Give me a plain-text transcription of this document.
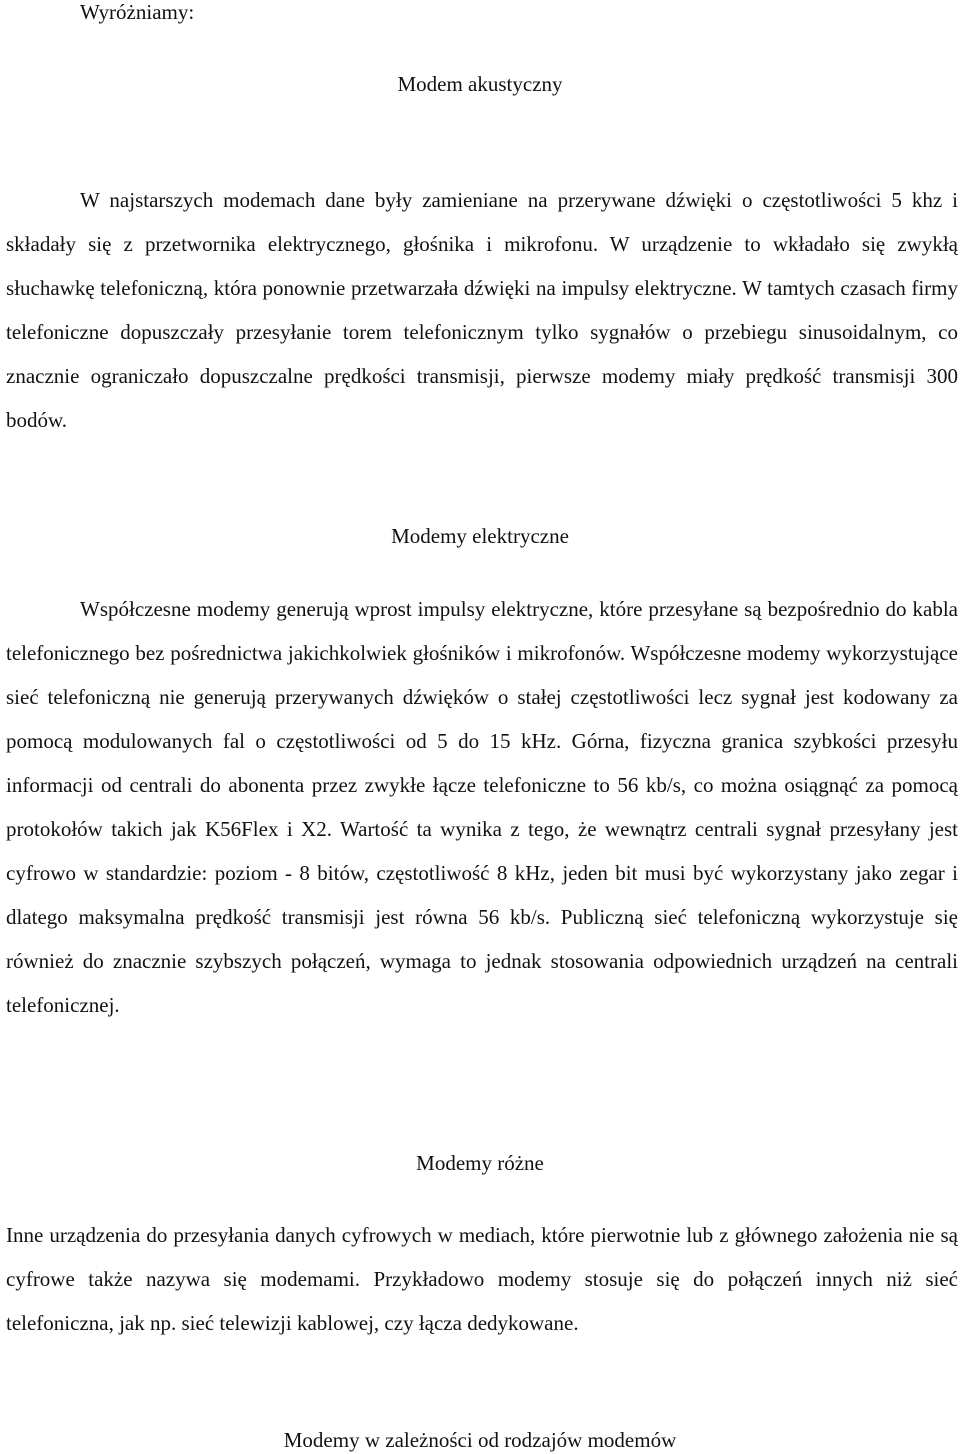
Wyróżniamy:

Modem akustyczny

W najstarszych modemach dane były zamieniane na przerywane dźwięki o częstotliwości 5 khz i składały się z przetwornika elektrycznego, głośnika i mikrofonu. W urządzenie to wkładało się zwykłą słuchawkę telefoniczną, która ponownie przetwarzała dźwięki na impulsy elektryczne. W tamtych czasach firmy telefoniczne dopuszczały przesyłanie torem telefonicznym tylko sygnałów o przebiegu sinusoidalnym, co znacznie ograniczało dopuszczalne prędkości transmisji, pierwsze modemy miały prędkość transmisji 300 bodów.

Modemy elektryczne

Współczesne modemy generują wprost impulsy elektryczne, które przesyłane są bezpośrednio do kabla telefonicznego bez pośrednictwa jakichkolwiek głośników i mikrofonów. Współczesne modemy wykorzystujące sieć telefoniczną nie generują przerywanych dźwięków o stałej częstotliwości lecz sygnał jest kodowany za pomocą modulowanych fal o częstotliwości od 5 do 15 kHz. Górna, fizyczna granica szybkości przesyłu informacji od centrali do abonenta przez zwykłe łącze telefoniczne to 56 kb/s, co można osiągnąć za pomocą protokołów takich jak K56Flex i X2. Wartość ta wynika z tego, że wewnątrz centrali sygnał przesyłany jest cyfrowo w standardzie: poziom - 8 bitów, częstotliwość 8 kHz, jeden bit musi być wykorzystany jako zegar i dlatego maksymalna prędkość transmisji jest równa 56 kb/s. Publiczną sieć telefoniczną wykorzystuje się również do znacznie szybszych połączeń, wymaga to jednak stosowania odpowiednich urządzeń na centrali telefonicznej.

Modemy różne

Inne urządzenia do przesyłania danych cyfrowych w mediach, które pierwotnie lub z głównego założenia nie są cyfrowe także nazywa się modemami. Przykładowo modemy stosuje się do połączeń innych niż sieć telefoniczna, jak np. sieć telewizji kablowej, czy łącza dedykowane.

Modemy w zależności od rodzajów modemów
